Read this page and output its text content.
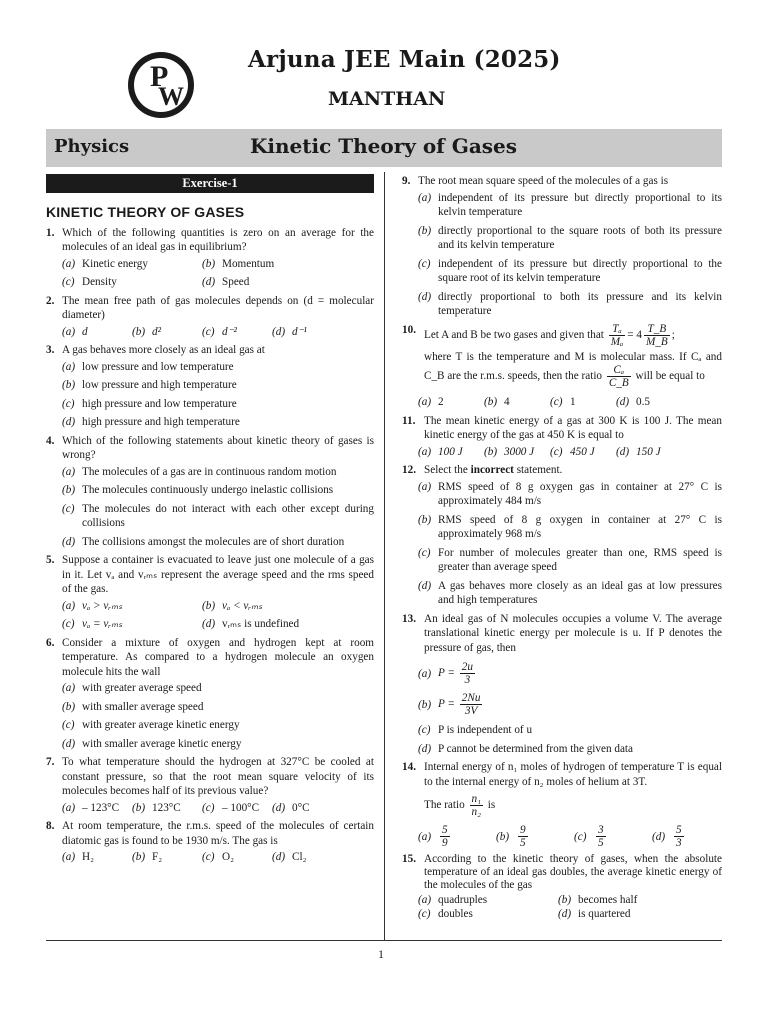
P
W
Arjuna JEE Main (2025)
MANTHAN
Physics	Kinetic Theory of Gases
Exercise-1
KINETIC THEORY OF GASES
1. Which of the following quantities is zero on an average for the molecules of an ideal gas in equilibrium?
(a) Kinetic energy	(b) Momentum
(c) Density	(d) Speed
2. The mean free path of gas molecules depends on (d = molecular diameter)
(a) d	(b) d²	(c) d⁻²	(d) d⁻¹
3. A gas behaves more closely as an ideal gas at
(a) low pressure and low temperature
(b) low pressure and high temperature
(c) high pressure and low temperature
(d) high pressure and high temperature
4. Which of the following statements about kinetic theory of gases is wrong?
(a) The molecules of a gas are in continuous random motion
(b) The molecules continuously undergo inelastic collisions
(c) The molecules do not interact with each other except during collisions
(d) The collisions amongst the molecules are of short duration
5. Suppose a container is evacuated to leave just one molecule of a gas in it. Let vₐ and vᵣₘₛ represent the average speed and the rms speed of the gas.
(a) vₐ > vᵣₘₛ	(b) vₐ < vᵣₘₛ
(c) vₐ = vᵣₘₛ	(d) vᵣₘₛ is undefined
6. Consider a mixture of oxygen and hydrogen kept at room temperature. As compared to a hydrogen molecule an oxygen molecule hits the wall
(a) with greater average speed
(b) with smaller average speed
(c) with greater average kinetic energy
(d) with smaller average kinetic energy
7. To what temperature should the hydrogen at 327°C be cooled at constant pressure, so that the root mean square velocity of its molecules becomes half of its previous value?
(a) – 123°C	(b) 123°C	(c) – 100°C	(d) 0°C
8. At room temperature, the r.m.s. speed of the molecules of certain diatomic gas is found to be 1930 m/s. The gas is
(a) H₂	(b) F₂	(c) O₂	(d) Cl₂
9. The root mean square speed of the molecules of a gas is
(a) independent of its pressure but directly proportional to its kelvin temperature
(b) directly proportional to the square roots of both its pressure and its kelvin temperature
(c) independent of its pressure but directly proportional to the square root of its kelvin temperature
(d) directly proportional to both its pressure and its kelvin temperature
10. Let A and B be two gases and given that $\frac{\text{Tₐ}}{\text{Mₐ}} = 4 \frac{T\_B}{M\_B}$ ;
where T is the temperature and M is molecular mass. If Cₐ and C_B are the r.m.s. speeds, then the ratio $\frac{\text{Cₐ}}{C\_B}$ will be equal to
(a) 2	(b) 4	(c) 1	(d) 0.5
11. The mean kinetic energy of a gas at 300 K is 100 J. The mean kinetic energy of the gas at 450 K is equal to
(a) 100 J	(b) 3000 J	(c) 450 J	(d) 150 J
12. Select the incorrect statement.
(a) RMS speed of 8 g oxygen gas in container at 27° C is approximately 484 m/s
(b) RMS speed of 8 g oxygen in container at 27° C is approximately 968 m/s
(c) For number of molecules greater than one, RMS speed is greater than average speed
(d) A gas behaves more closely as an ideal gas at low pressures and high temperatures
13. An ideal gas of N molecules occupies a volume V. The average translational kinetic energy per molecule is u. If P denotes the pressure of gas, then
(a) $P = \frac{2u}{3}$
(b) $P = \frac{2Nu}{3V}$
(c) P is independent of u
(d) P cannot be determined from the given data
14. Internal energy of n₁ moles of hydrogen of temperature T is equal to the internal energy of n₂ moles of helium at 3T.
The ratio $\frac{\text{n₁}}{\text{n₂}}$ is
$(a) \frac{5}{9}$	$(b) \frac{9}{5}$	$(c) \frac{3}{5}$	$(d) \frac{5}{3}$
15. According to the kinetic theory of gases, when the absolute temperature of an ideal gas doubles, the average kinetic energy of the molecules of the gas
(a) quadruples	(b) becomes half
(c) doubles	(d) is quartered
1
